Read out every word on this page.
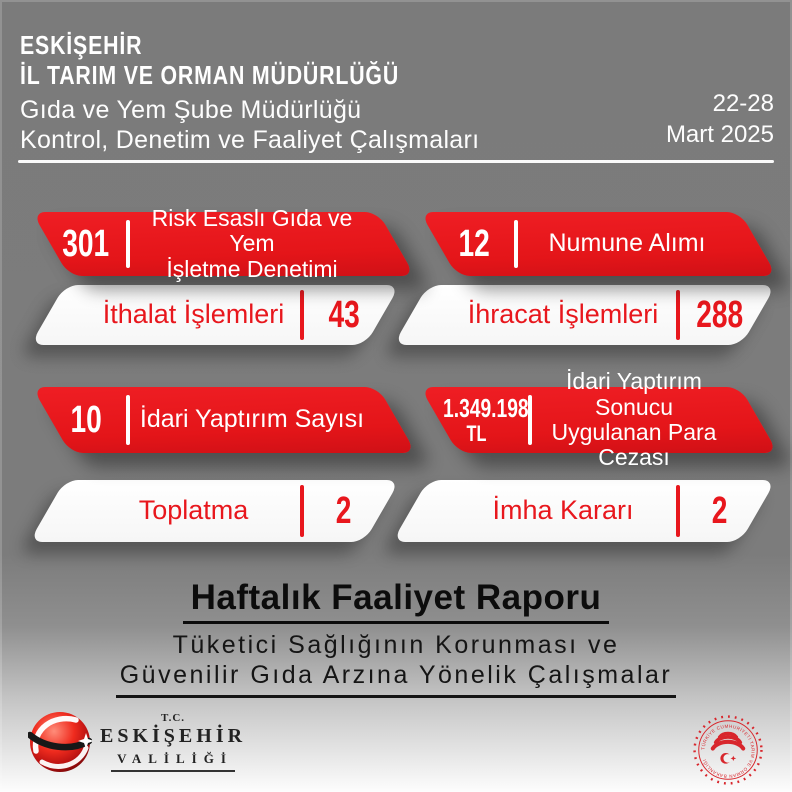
ESKİŞEHİR
İL TARIM VE ORMAN MÜDÜRLÜĞÜ
Gıda ve Yem Şube Müdürlüğü
Kontrol, Denetim ve Faaliyet Çalışmaları
22-28
Mart 2025
301
Risk Esaslı Gıda ve Yem
İşletme Denetimi
12	Numune Alımı
İthalat İşlemleri	43	İhracat İşlemleri	288
10	İdari Yaptırım Sayısı	1.349.198
TL
İdari Yaptırım Sonucu
Uygulanan Para Cezası
Toplatma	2	İmha Kararı	2
Haftalık Faaliyet Raporu
Tüketici Sağlığının Korunması ve
Güvenilir Gıda Arzına Yönelik Çalışmalar
T.C.
ESKİŞEHİR
VALİLİĞİ
TÜRKİYE CUMHURİYETİ TARIM VE ORMAN BAKANLIĞI
